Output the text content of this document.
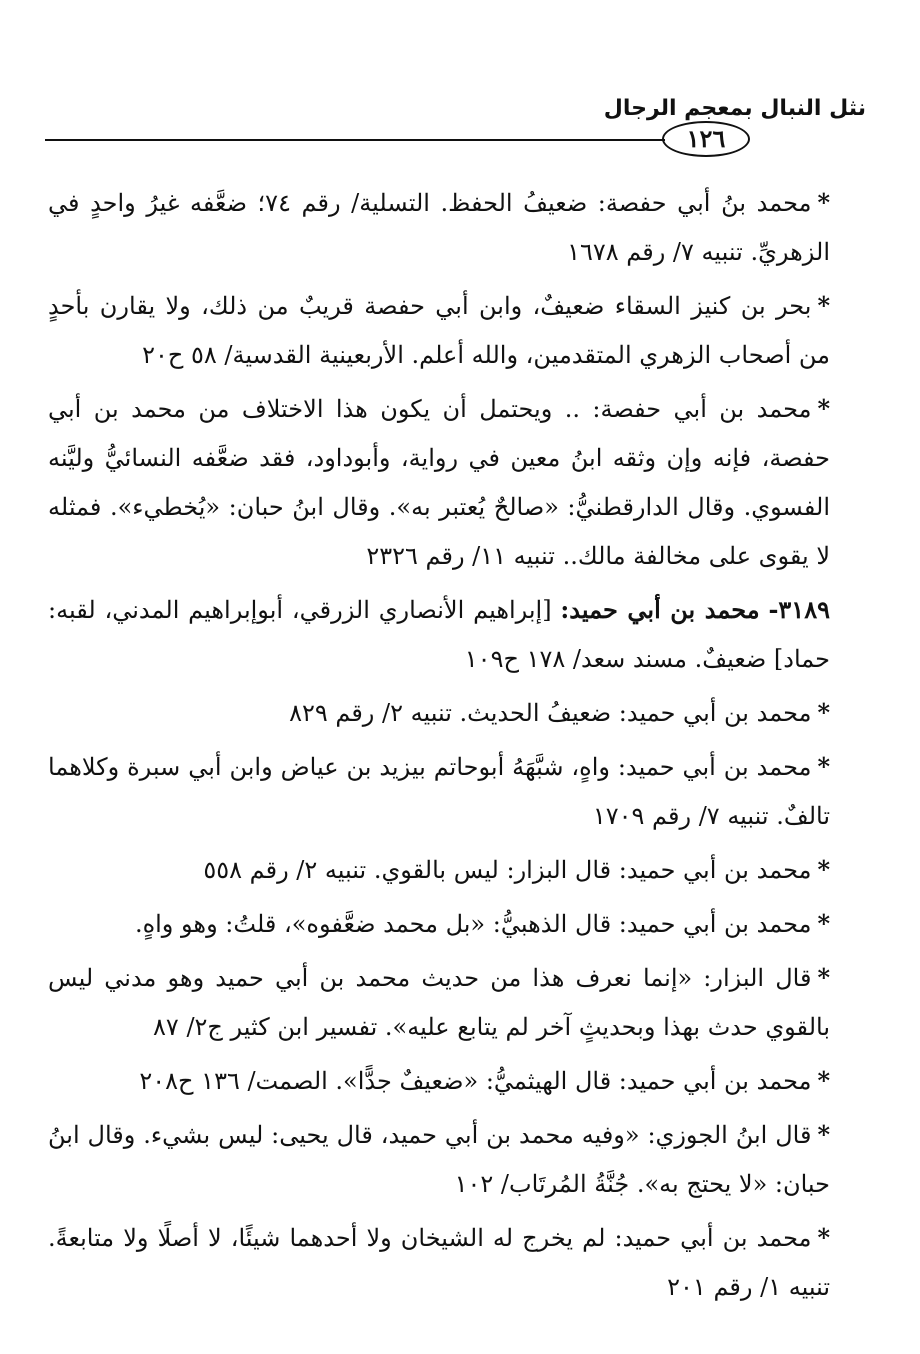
نثل النبال بمعجم الرجال
١٢٦

*محمد بنُ أبي حفصة: ضعيفُ الحفظ. التسلية/ رقم ٧٤؛ ضعَّفه غيرُ واحدٍ في الزهريِّ. تنبيه ٧/ رقم ١٦٧٨

*بحر بن كنيز السقاء ضعيفٌ، وابن أبي حفصة قريبٌ من ذلك، ولا يقارن بأحدٍ من أصحاب الزهري المتقدمين، والله أعلم. الأربعينية القدسية/ ٥٨ ح٢٠

*محمد بن أبي حفصة: .. ويحتمل أن يكون هذا الاختلاف من محمد بن أبي حفصة، فإنه وإن وثقه ابنُ معين في رواية، وأبوداود، فقد ضعَّفه النسائيُّ وليَّنه الفسوي. وقال الدارقطنيُّ: «صالحٌ يُعتبر به». وقال ابنُ حبان: «يُخطيء». فمثله لا يقوى على مخالفة مالك.. تنبيه ١١/ رقم ٢٣٢٦

٣١٨٩- محمد بن أبي حميد: [إبراهيم الأنصاري الزرقي، أبوإبراهيم المدني، لقبه: حماد] ضعيفٌ. مسند سعد/ ١٧٨ ح١٠٩

*محمد بن أبي حميد: ضعيفُ الحديث. تنبيه ٢/ رقم ٨٢٩

*محمد بن أبي حميد: واهٍ، شبَّهَهُ أبوحاتم بيزيد بن عياض وابن أبي سبرة وكلاهما تالفٌ. تنبيه ٧/ رقم ١٧٠٩

*محمد بن أبي حميد: قال البزار: ليس بالقوي. تنبيه ٢/ رقم ٥٥٨

*محمد بن أبي حميد: قال الذهبيُّ: «بل محمد ضعَّفوه»، قلتُ: وهو واهٍ.

*قال البزار: «إنما نعرف هذا من حديث محمد بن أبي حميد وهو مدني ليس بالقوي حدث بهذا وبحديثٍ آخر لم يتابع عليه». تفسير ابن كثير ج٢/ ٨٧

*محمد بن أبي حميد: قال الهيثميُّ: «ضعيفٌ جدًّا». الصمت/ ١٣٦ ح٢٠٨

*قال ابنُ الجوزي: «وفيه محمد بن أبي حميد، قال يحيى: ليس بشيء. وقال ابنُ حبان: «لا يحتج به». جُنَّةُ المُرتَاب/ ١٠٢

*محمد بن أبي حميد: لم يخرج له الشيخان ولا أحدهما شيئًا، لا أصلًا ولا متابعةً. تنبيه ١/ رقم ٢٠١
